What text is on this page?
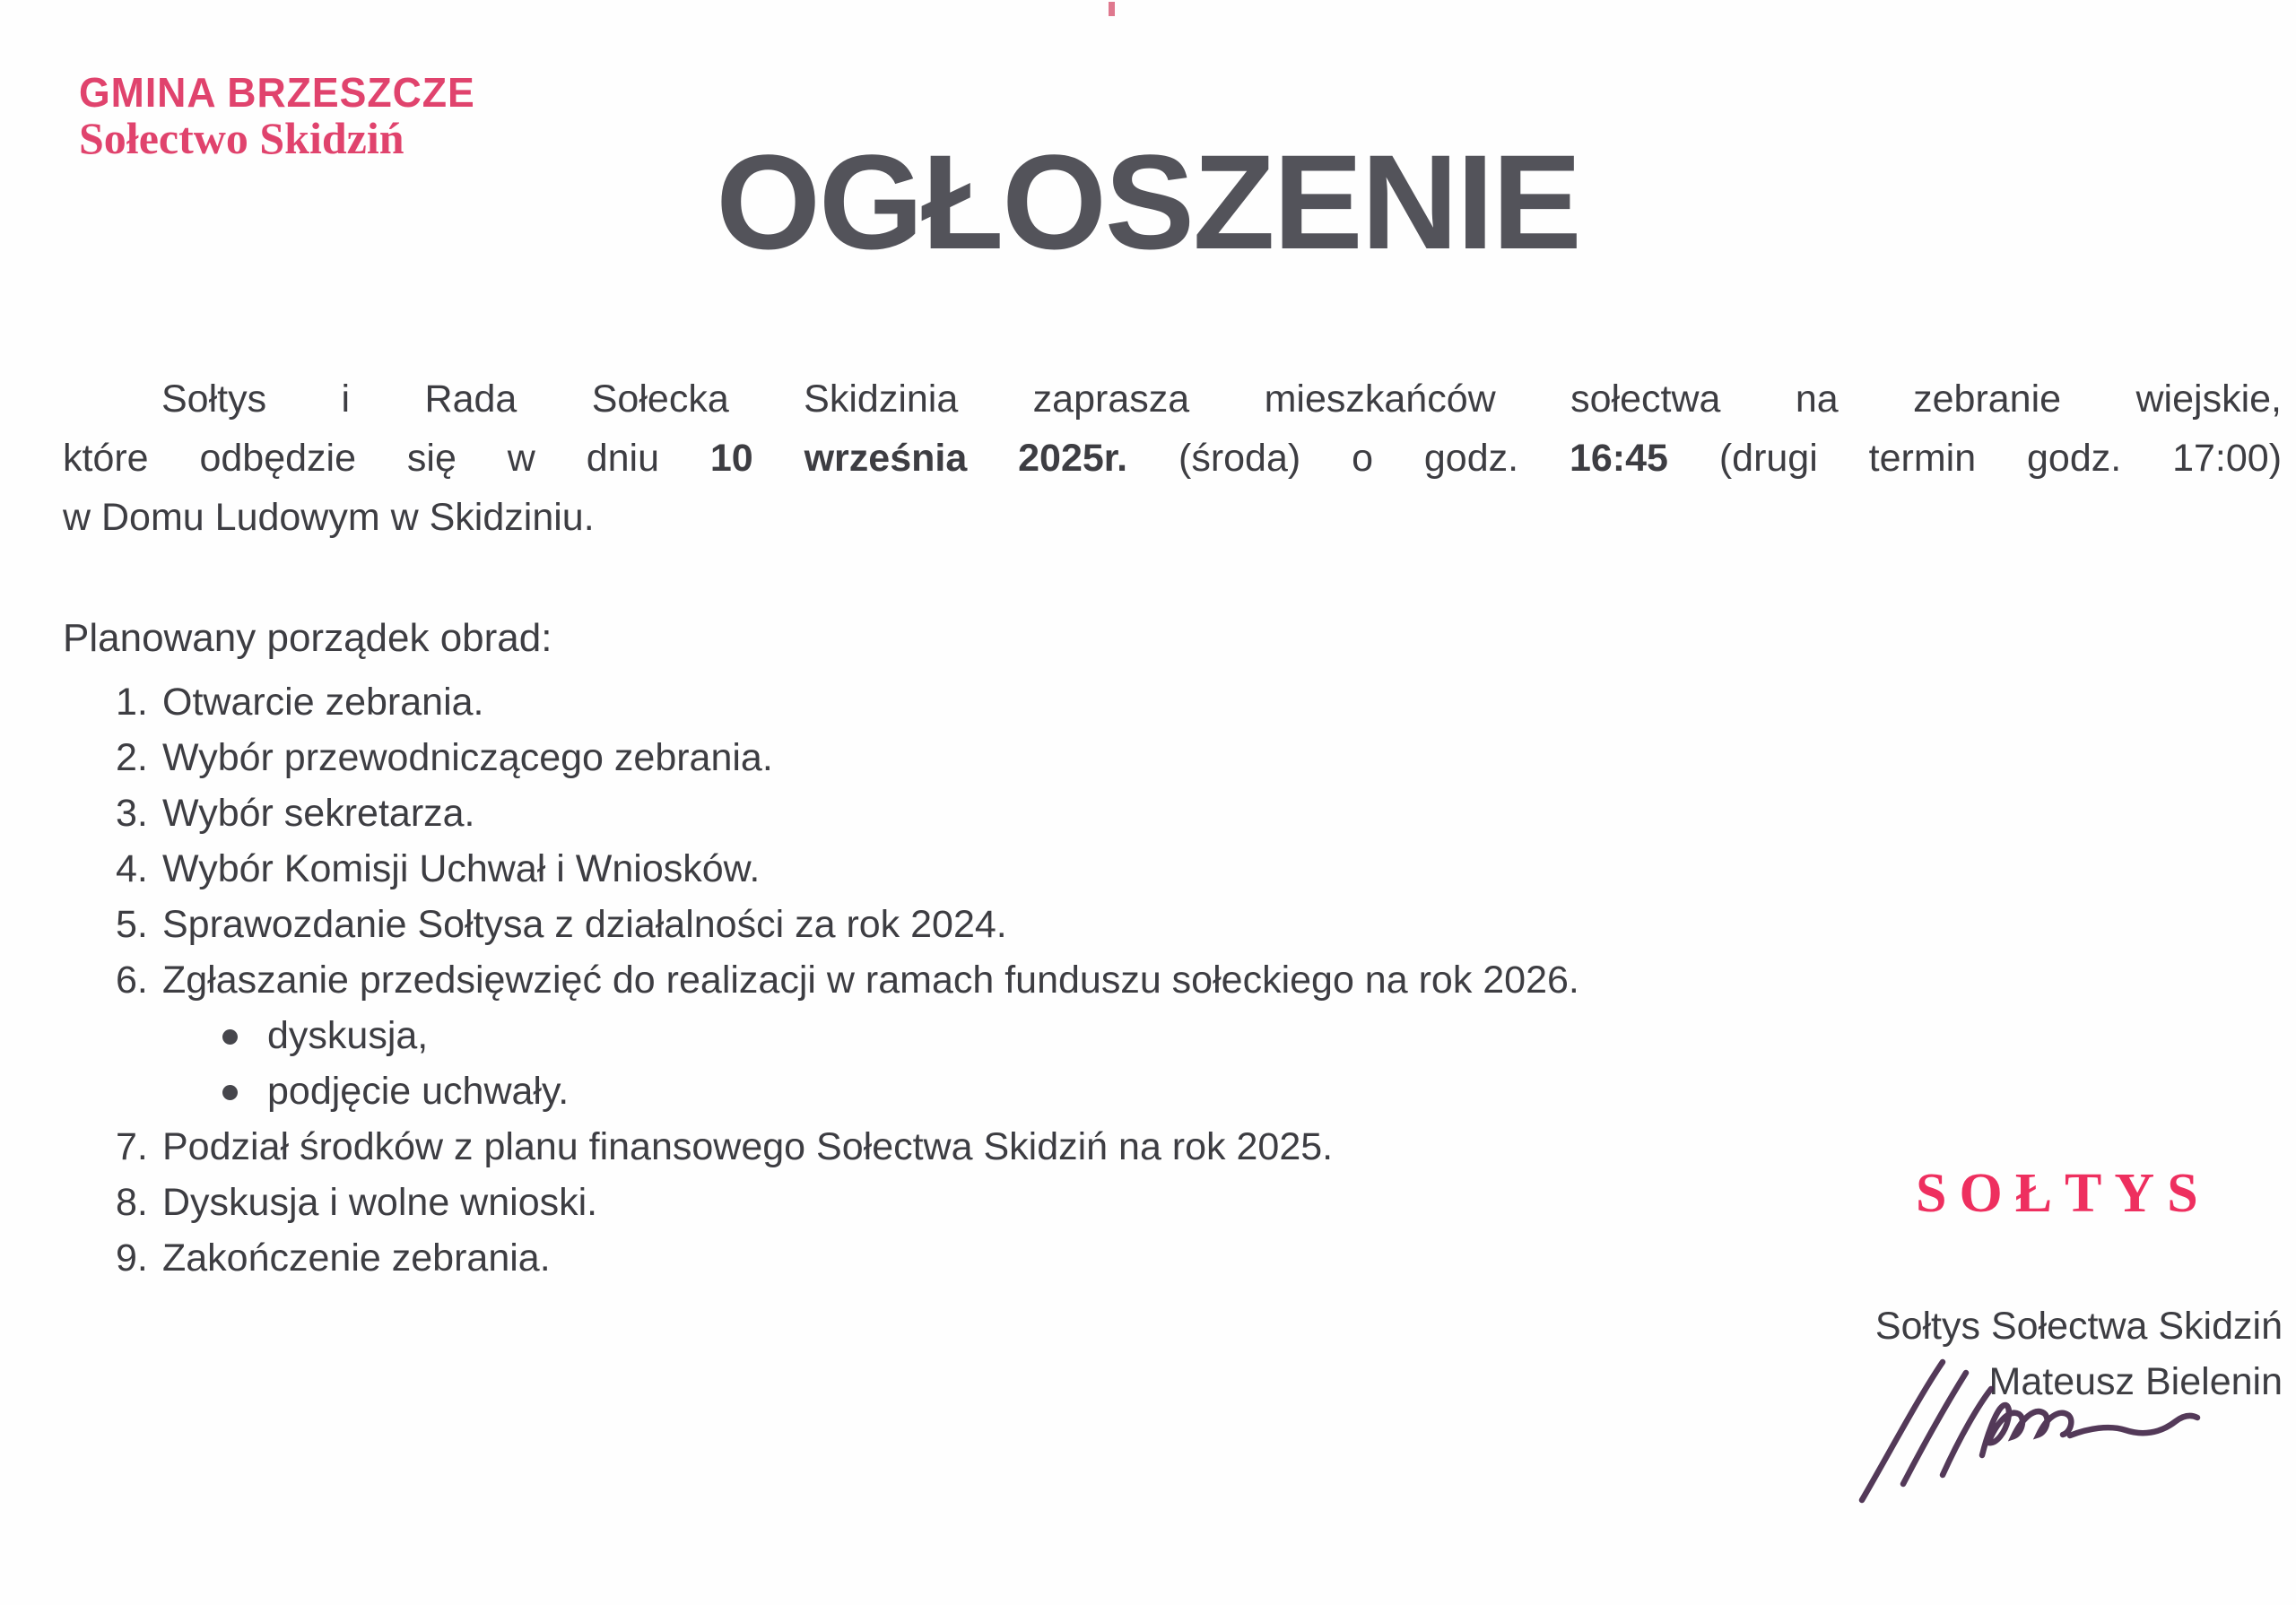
GMINA BRZESZCZE
Sołectwo Skidziń	OGŁOSZENIE
Sołtys i Rada Sołecka Skidzinia zaprasza mieszkańców sołectwa na zebranie wiejskie,
które odbędzie się w dniu 10 września 2025r. (środa) o godz. 16:45 (drugi termin godz. 17:00)
w Domu Ludowym w Skidziniu.
Planowany porządek obrad:
1. Otwarcie zebrania.
2. Wybór przewodniczącego zebrania.
3. Wybór sekretarza.
4. Wybór Komisji Uchwał i Wniosków.
5. Sprawozdanie Sołtysa z działalności za rok 2024.
6. Zgłaszanie przedsięwzięć do realizacji w ramach funduszu sołeckiego na rok 2026.
dyskusja,
podjęcie uchwały.
7. Podział środków z planu finansowego Sołectwa Skidziń na rok 2025.
8. Dyskusja i wolne wnioski.
9. Zakończenie zebrania.
SOŁTYS
Sołtys Sołectwa Skidziń
Mateusz Bielenin
